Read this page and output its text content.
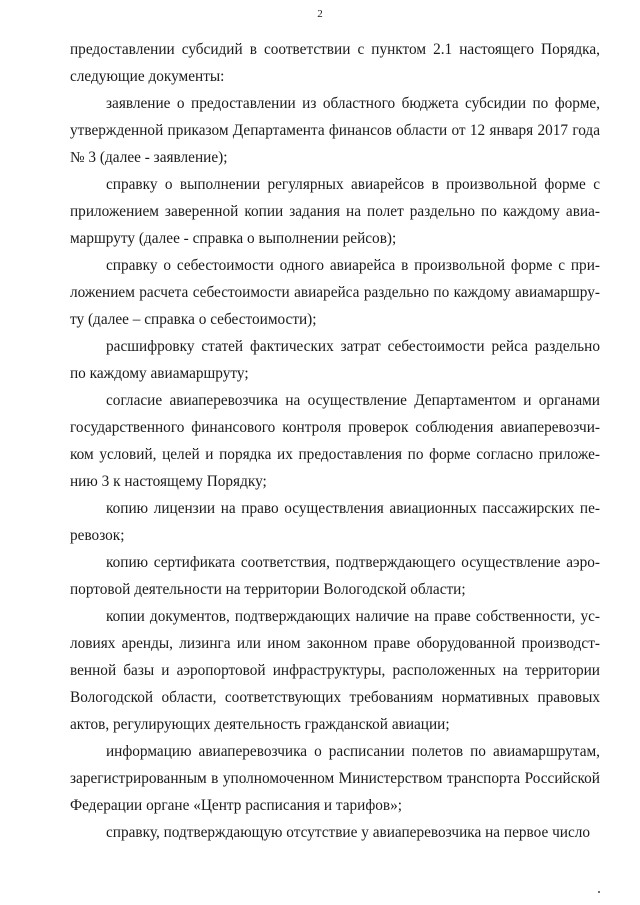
2

предоставлении субсидий в соответствии с пунктом 2.1 настоящего Порядка, следующие документы:

заявление о предоставлении из областного бюджета субсидии по форме, утвержденной приказом Департамента финансов области от 12 января 2017 года № 3 (далее - заявление);

справку о выполнении регулярных авиарейсов в произвольной форме с приложением заверенной копии задания на полет раздельно по каждому авиамаршруту (далее - справка о выполнении рейсов);

справку о себестоимости одного авиарейса в произвольной форме с приложением расчета себестоимости авиарейса раздельно по каждому авиамаршруту (далее – справка о себестоимости);

расшифровку статей фактических затрат себестоимости рейса раздельно по каждому авиамаршруту;

согласие авиаперевозчика на осуществление Департаментом и органами государственного финансового контроля проверок соблюдения авиаперевозчиком условий, целей и порядка их предоставления по форме согласно приложению 3 к настоящему Порядку;

копию лицензии на право осуществления авиационных пассажирских перевозок;

копию сертификата соответствия, подтверждающего осуществление аэропортовой деятельности на территории Вологодской области;

копии документов, подтверждающих наличие на праве собственности, условиях аренды, лизинга или ином законном праве оборудованной производственной базы и аэропортовой инфраструктуры, расположенных на территории Вологодской области, соответствующих требованиям нормативных правовых актов, регулирующих деятельность гражданской авиации;

информацию авиаперевозчика о расписании полетов по авиамаршрутам, зарегистрированным в уполномоченном Министерством транспорта Российской Федерации органе «Центр расписания и тарифов»;

справку, подтверждающую отсутствие у авиаперевозчика на первое число
